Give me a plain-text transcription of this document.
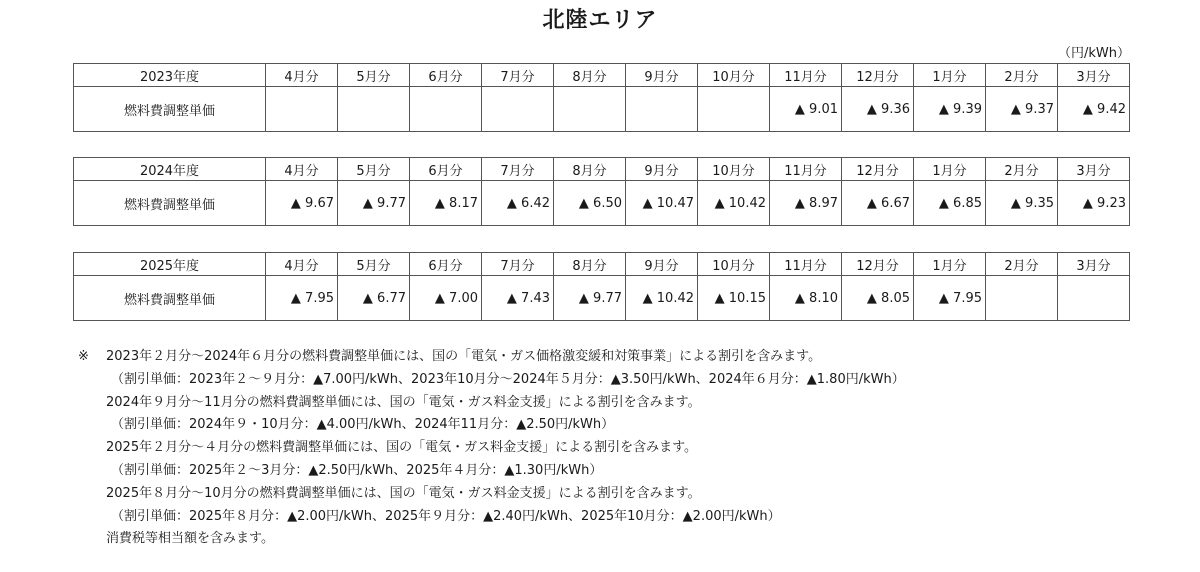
北陸エリア
（円/kWh）
2023年度	4月分	5月分	6月分	7月分	8月分	9月分	10月分	11月分	12月分	1月分	2月分	3月分
燃料費調整単価								▲ 9.01	▲ 9.36	▲ 9.39	▲ 9.37	▲ 9.42
2024年度	4月分	5月分	6月分	7月分	8月分	9月分	10月分	11月分	12月分	1月分	2月分	3月分
燃料費調整単価	▲ 9.67	▲ 9.77	▲ 8.17	▲ 6.42	▲ 6.50	▲ 10.47	▲ 10.42	▲ 8.97	▲ 6.67	▲ 6.85	▲ 9.35	▲ 9.23
2025年度	4月分	5月分	6月分	7月分	8月分	9月分	10月分	11月分	12月分	1月分	2月分	3月分
燃料費調整単価	▲ 7.95	▲ 6.77	▲ 7.00	▲ 7.43	▲ 9.77	▲ 10.42	▲ 10.15	▲ 8.10	▲ 8.05	▲ 7.95		
※ 2023年２月分～2024年６月分の燃料費調整単価には、国の「電気・ガス価格激変緩和対策事業」による割引を含みます。
（割引単価：2023年２～９月分：▲7.00円/kWh、2023年10月分～2024年５月分：▲3.50円/kWh、2024年６月分：▲1.80円/kWh）
2024年９月分～11月分の燃料費調整単価には、国の「電気・ガス料金支援」による割引を含みます。
（割引単価：2024年９・10月分：▲4.00円/kWh、2024年11月分：▲2.50円/kWh）
2025年２月分～４月分の燃料費調整単価には、国の「電気・ガス料金支援」による割引を含みます。
（割引単価：2025年２～3月分：▲2.50円/kWh、2025年４月分：▲1.30円/kWh）
2025年８月分～10月分の燃料費調整単価には、国の「電気・ガス料金支援」による割引を含みます。
（割引単価：2025年８月分：▲2.00円/kWh、2025年９月分：▲2.40円/kWh、2025年10月分：▲2.00円/kWh）
消費税等相当額を含みます。
